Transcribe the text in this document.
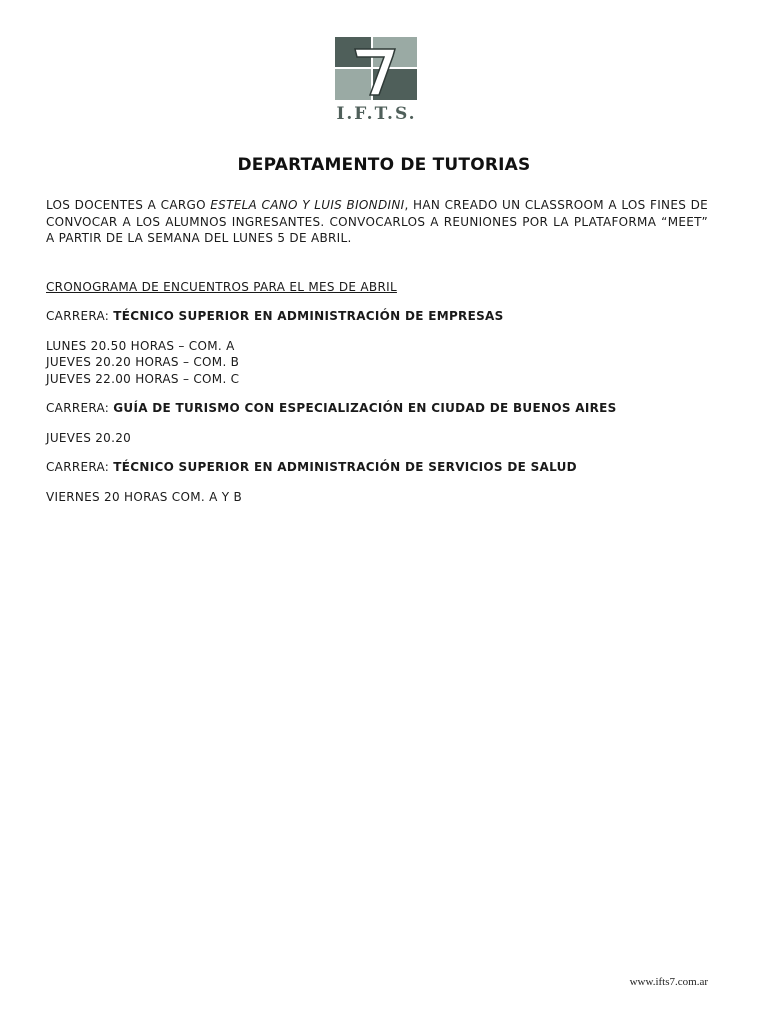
I.F.T.S.
DEPARTAMENTO DE TUTORIAS

LOS DOCENTES A CARGO ESTELA CANO Y LUIS BIONDINI, HAN CREADO UN CLASSROOM A LOS FINES DE CONVOCAR A LOS ALUMNOS INGRESANTES. CONVOCARLOS A REUNIONES POR LA PLATAFORMA “MEET” A PARTIR DE LA SEMANA DEL LUNES 5 DE ABRIL.

CRONOGRAMA DE ENCUENTROS PARA EL MES DE ABRIL

CARRERA: TÉCNICO SUPERIOR EN ADMINISTRACIÓN DE EMPRESAS

LUNES 20.50 HORAS – COM. A

JUEVES 20.20 HORAS – COM. B

JUEVES 22.00 HORAS – COM. C

CARRERA: GUÍA DE TURISMO CON ESPECIALIZACIÓN EN CIUDAD DE BUENOS AIRES

JUEVES 20.20

CARRERA: TÉCNICO SUPERIOR EN ADMINISTRACIÓN DE SERVICIOS DE SALUD

VIERNES 20 HORAS COM. A Y B

www.ifts7.com.ar
